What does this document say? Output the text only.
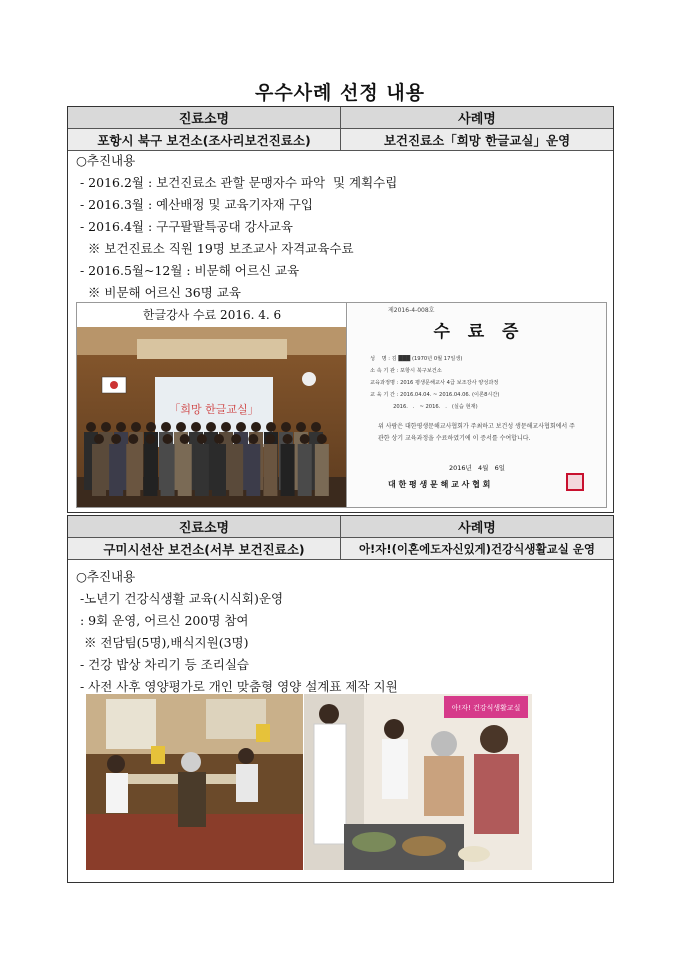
우수사례 선정 내용
진료소명	사례명
포항시 북구 보건소(조사리보건진료소)	보건진료소「희망 한글교실」운영
○추진내용
- 2016.2월 : 보건진료소 관할 문맹자수 파악  및 계획수립
- 2016.3월 : 예산배정 및 교육기자재 구입
- 2016.4월 : 구구팔팔특공대 강사교육
※ 보건진료소 직원 19명 보조교사 자격교육수료
- 2016.5월~12월 : 비문해 어르신 교육
※ 비문해 어르신 36명 교육
한글강사 수료 2016. 4. 6
「희망 한글교실」
제2016-4-008호
수  료  증
성    명 : 김 ███ (1970년 0월 17일생)
소 속 기 관 : 포항시 북구보건소
교육과정명 : 2016 평생문해교사 4급 보조강사 양성과정
교 육 기 간 : 2016.04.04. ~ 2016.04.06. (이론8시간)
2016.   .   ~ 2016.   .   (실습 현재)
위 사람은 대한평생문해교사협회가 주최하고 보건성 생문해교사협회에서 주관한 상기 교육과정을 수료하였기에 이 증서를 수여합니다.
2016년   4월   6일
대 한 평 생 문 해 교 사 협 회
진료소명	사례명
구미시선산 보건소(서부 보건진료소)	아!자!(이혼에도자신있게)건강식생활교실 운영
○추진내용
-노년기 건강식생활 교육(시식회)운영
: 9회 운영, 어르신 200명 참여
※ 전담팀(5명),배식지원(3명)
- 건강 밥상 차리기 등 조리실습
- 사전 사후 영양평가로 개인 맞춤형 영양 설계표 제작 지원
아!자! 건강식생활교실
